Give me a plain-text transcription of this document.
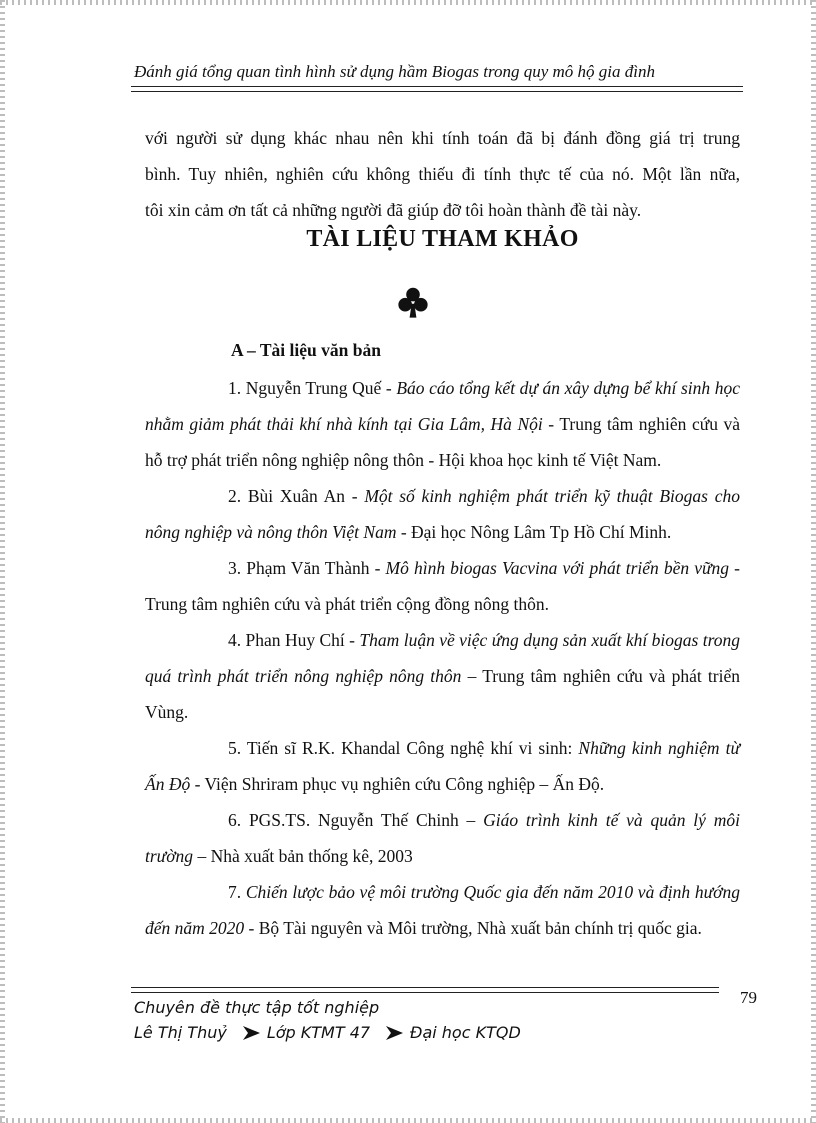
Đánh giá tổng quan tình hình sử dụng hầm Biogas trong quy mô hộ gia đình
với người sử dụng khác nhau nên khi tính toán đã bị đánh đồng giá trị trung
bình. Tuy nhiên, nghiên cứu không thiếu đi tính thực tế của nó. Một lần nữa,
tôi xin cảm ơn tất cả những người đã giúp đỡ tôi hoàn thành đề tài này.
TÀI LIỆU THAM KHẢO
A – Tài liệu văn bản

1. Nguyễn Trung Quế - Báo cáo tổng kết dự án xây dựng bể khí sinh học nhằm giảm phát thải khí nhà kính tại Gia Lâm, Hà Nội - Trung tâm nghiên cứu và hỗ trợ phát triển nông nghiệp nông thôn - Hội khoa học kinh tế Việt Nam.

2. Bùi Xuân An - Một số kinh nghiệm phát triển kỹ thuật Biogas cho nông nghiệp và nông thôn Việt Nam - Đại học Nông Lâm Tp Hồ Chí Minh.

3. Phạm Văn Thành - Mô hình biogas Vacvina với phát triển bền vững - Trung tâm nghiên cứu và phát triển cộng đồng nông thôn.

4. Phan Huy Chí - Tham luận về việc ứng dụng sản xuất khí biogas trong quá trình phát triển nông nghiệp nông thôn – Trung tâm nghiên cứu và phát triển Vùng.

5. Tiến sĩ R.K. Khandal Công nghệ khí vi sinh: Những kinh nghiệm từ Ấn Độ - Viện Shriram phục vụ nghiên cứu Công nghiệp – Ấn Độ.

6. PGS.TS. Nguyễn Thế Chinh – Giáo trình kinh tế và quản lý môi trường – Nhà xuất bản thống kê, 2003

7. Chiến lược bảo vệ môi trường Quốc gia đến năm 2010 và định hướng đến năm 2020 - Bộ Tài nguyên và Môi trường, Nhà xuất bản chính trị quốc gia.

79
Chuyên đề thực tập tốt nghiệp
Lê Thị Thuỷ	Lớp KTMT 47	Đại học KTQD
